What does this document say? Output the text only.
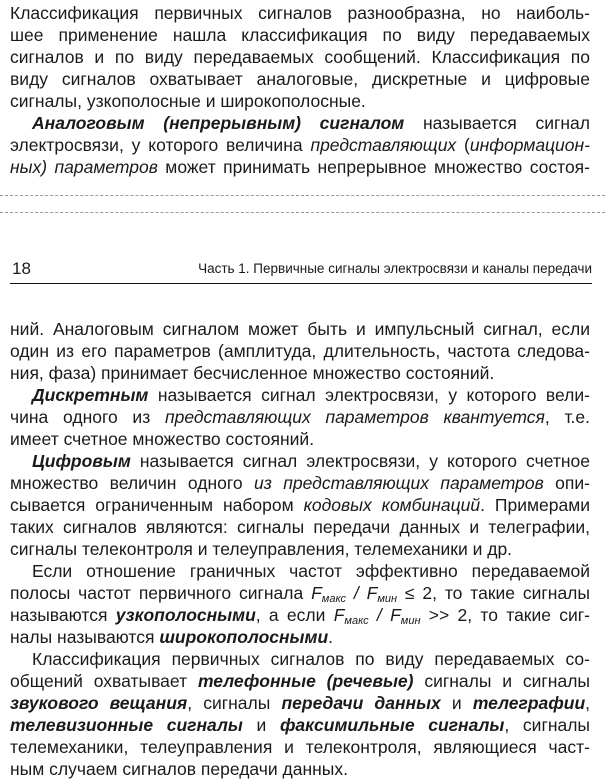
Классификация первичных сигналов разнообразна, но наиболь-
шее применение нашла классификация по виду передаваемых
сигналов и по виду передаваемых сообщений. Классификация по
виду сигналов охватывает аналоговые, дискретные и цифровые
сигналы, узкополосные и широкополосные.
Аналоговым (непрерывным) сигналом называется сигнал
электросвязи, у которого величина представляющих (информацион-
ных) параметров может принимать непрерывное множество состоя-
18	Часть 1. Первичные сигналы электросвязи и каналы передачи
ний. Аналоговым сигналом может быть и импульсный сигнал, если
один из его параметров (амплитуда, длительность, частота следова-
ния, фаза) принимает бесчисленное множество состояний.
Дискретным называется сигнал электросвязи, у которого вели-
чина одного из представляющих параметров квантуется, т.е.
имеет счетное множество состояний.
Цифровым называется сигнал электросвязи, у которого счетное
множество величин одного из представляющих параметров опи-
сывается ограниченным набором кодовых комбинаций. Примерами
таких сигналов являются: сигналы передачи данных и телеграфии,
сигналы телеконтроля и телеуправления, телемеханики и др.
Если отношение граничных частот эффективно передаваемой
полосы частот первичного сигнала $F_{макс} / F_{мин} \le 2$, то такие сигналы
называются узкополосными, а если $F_{макс} / F_{мин} >> 2$, то такие сиг-
налы называются широкополосными.
Классификация первичных сигналов по виду передаваемых со-
общений охватывает телефонные (речевые) сигналы и сигналы
звукового вещания, сигналы передачи данных и телеграфии,
телевизионные сигналы и факсимильные сигналы, сигналы
телемеханики, телеуправления и телеконтроля, являющиеся част-
ным случаем сигналов передачи данных.
